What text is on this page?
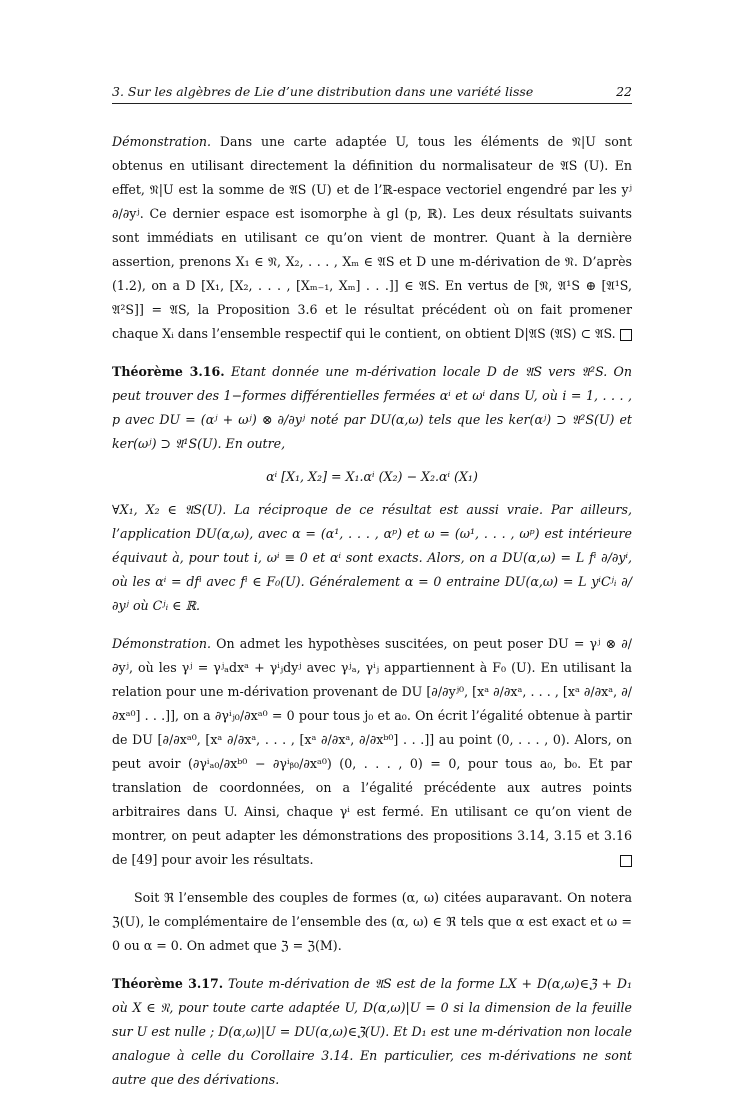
3. Sur les algèbres de Lie d’une distribution dans une variété lisse	22

Démonstration. Dans une carte adaptée U, tous les éléments de 𝔑|U sont obtenus en utilisant directement la définition du normalisateur de 𝔄S (U). En effet, 𝔑|U est la somme de 𝔄S (U) et de l’ℝ-espace vectoriel engendré par les yʲ ∂/∂yʲ. Ce dernier espace est isomorphe à gl (p, ℝ). Les deux résultats suivants sont immédiats en utilisant ce qu’on vient de montrer. Quant à la dernière assertion, prenons X₁ ∈ 𝔑, X₂, . . . , Xₘ ∈ 𝔄S et D une m-dérivation de 𝔑. D’après (1.2), on a D [X₁, [X₂, . . . , [Xₘ₋₁, Xₘ] . . .]] ∈ 𝔄S. En vertus de [𝔑, 𝔄¹S ⊕ [𝔄¹S, 𝔄²S]] = 𝔄S, la Proposition 3.6 et le résultat précédent où on fait promener chaque Xᵢ dans l’ensemble respectif qui le contient, on obtient D|𝔄S (𝔄S) ⊂ 𝔄S.

Théorème 3.16. Etant donnée une m-dérivation locale D de 𝔄S vers 𝔄²S. On peut trouver des 1−formes différentielles fermées αⁱ et ωⁱ dans U, où i = 1, . . . , p avec DU = (αʲ + ωʲ) ⊗ ∂/∂yʲ noté par DU(α,ω) tels que les ker(αʲ) ⊃ 𝔄²S(U) et ker(ωʲ) ⊃ 𝔄¹S(U). En outre,

αⁱ [X₁, X₂] = X₁.αⁱ (X₂) − X₂.αⁱ (X₁)

∀X₁, X₂ ∈ 𝔄S(U). La réciproque de ce résultat est aussi vraie. Par ailleurs, l’application DU(α,ω), avec α = (α¹, . . . , αᵖ) et ω = (ω¹, . . . , ωᵖ) est intérieure équivaut à, pour tout i, ωⁱ ≡ 0 et αⁱ sont exacts. Alors, on a DU(α,ω) = L fⁱ ∂/∂yⁱ, où les αⁱ = dfⁱ avec fⁱ ∈ F₀(U). Généralement α = 0 entraine DU(α,ω) = L yⁱCʲᵢ ∂/∂yʲ où Cʲᵢ ∈ ℝ.

Démonstration. On admet les hypothèses suscitées, on peut poser DU = γʲ ⊗ ∂/∂yʲ, où les γʲ = γʲₐdxᵃ + γⁱⱼdyʲ avec γʲₐ, γⁱⱼ appartiennent à F₀ (U). En utilisant la relation pour une m-dérivation provenant de DU [∂/∂yʲ⁰, [xᵃ ∂/∂xᵃ, . . . , [xᵃ ∂/∂xᵃ, ∂/∂xᵃ⁰] . . .]], on a ∂γⁱⱼ₀/∂xᵃ⁰ = 0 pour tous j₀ et a₀. On écrit l’égalité obtenue à partir de DU [∂/∂xᵃ⁰, [xᵃ ∂/∂xᵃ, . . . , [xᵃ ∂/∂xᵃ, ∂/∂xᵇ⁰] . . .]] au point (0, . . . , 0). Alors, on peut avoir (∂γⁱₐ₀/∂xᵇ⁰ − ∂γⁱᵦ₀/∂xᵃ⁰) (0, . . . , 0) = 0, pour tous a₀, b₀. Et par translation de coordonnées, on a l’égalité précédente aux autres points arbitraires dans U. Ainsi, chaque γⁱ est fermé. En utilisant ce qu’on vient de montrer, on peut adapter les démonstrations des propositions 3.14, 3.15 et 3.16 de [49] pour avoir les résultats.

Soit ℜ l’ensemble des couples de formes (α, ω) citées auparavant. On notera ℨ(U), le complémentaire de l’ensemble des (α, ω) ∈ ℜ tels que α est exact et ω = 0 ou α = 0. On admet que ℨ = ℨ(M).

Théorème 3.17. Toute m-dérivation de 𝔄S est de la forme LX + D(α,ω)∈ℨ + D₁ où X ∈ 𝔑, pour toute carte adaptée U, D(α,ω)|U = 0 si la dimension de la feuille sur U est nulle ; D(α,ω)|U = DU(α,ω)∈ℨ(U). Et D₁ est une m-dérivation non locale analogue à celle du Corollaire 3.14. En particulier, ces m-dérivations ne sont autre que des dérivations.
